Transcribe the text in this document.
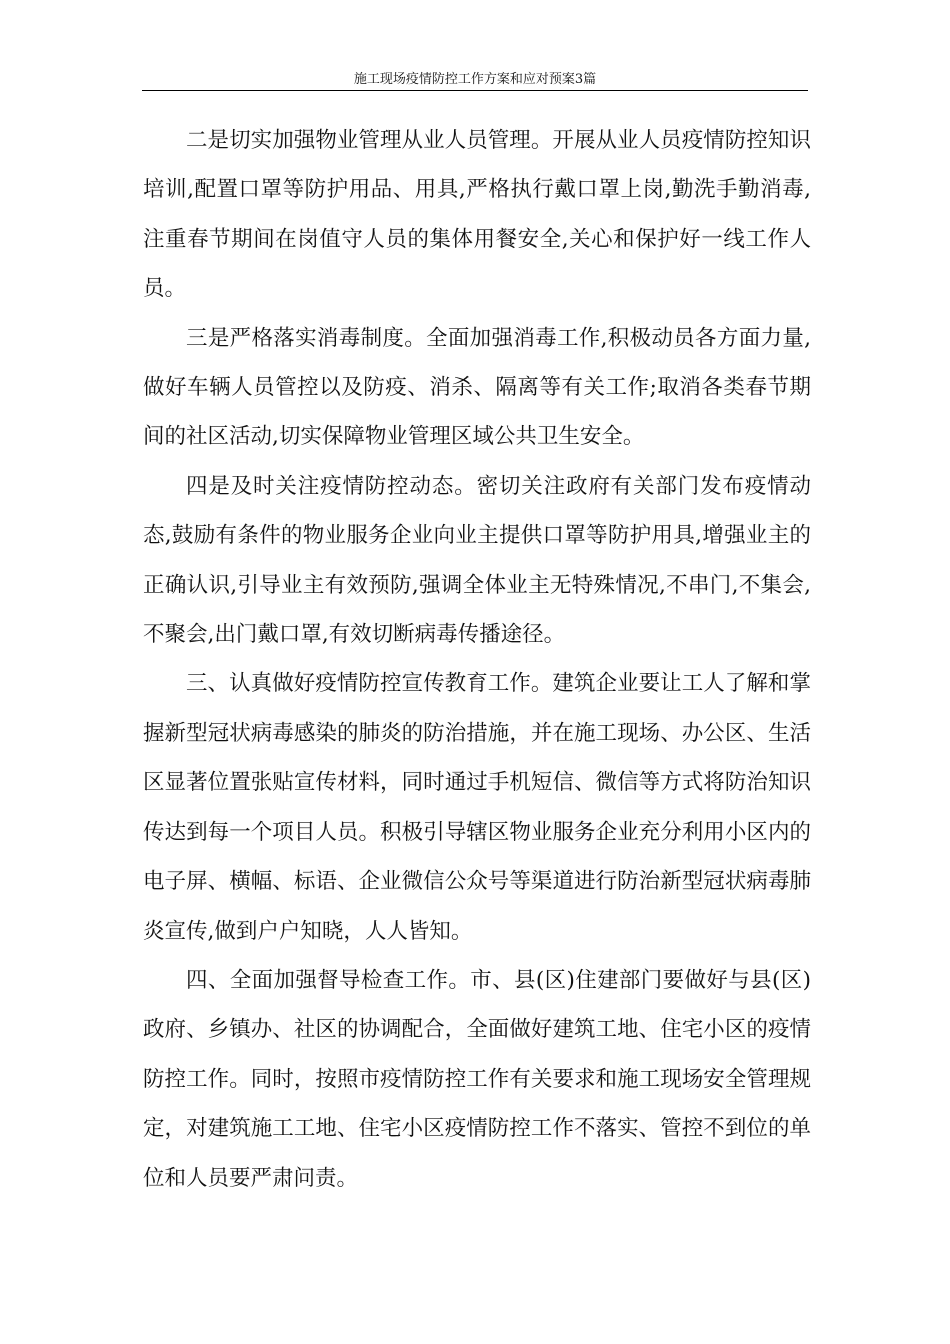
施工现场疫情防控工作方案和应对预案3篇

二是切实加强物业管理从业人员管理。开展从业人员疫情防控知识培训,配置口罩等防护用品、用具,严格执行戴口罩上岗,勤洗手勤消毒,注重春节期间在岗值守人员的集体用餐安全,关心和保护好一线工作人员。

三是严格落实消毒制度。全面加强消毒工作,积极动员各方面力量,做好车辆人员管控以及防疫、消杀、隔离等有关工作;取消各类春节期间的社区活动,切实保障物业管理区域公共卫生安全。

四是及时关注疫情防控动态。密切关注政府有关部门发布疫情动态,鼓励有条件的物业服务企业向业主提供口罩等防护用具,增强业主的正确认识,引导业主有效预防,强调全体业主无特殊情况,不串门,不集会,不聚会,出门戴口罩,有效切断病毒传播途径。

三、认真做好疫情防控宣传教育工作。建筑企业要让工人了解和掌握新型冠状病毒感染的肺炎的防治措施，并在施工现场、办公区、生活区显著位置张贴宣传材料，同时通过手机短信、微信等方式将防治知识传达到每一个项目人员。积极引导辖区物业服务企业充分利用小区内的电子屏、横幅、标语、企业微信公众号等渠道进行防治新型冠状病毒肺炎宣传,做到户户知晓，人人皆知。

四、全面加强督导检查工作。市、县(区)住建部门要做好与县(区)政府、乡镇办、社区的协调配合，全面做好建筑工地、住宅小区的疫情防控工作。同时，按照市疫情防控工作有关要求和施工现场安全管理规定，对建筑施工工地、住宅小区疫情防控工作不落实、管控不到位的单位和人员要严肃问责。
